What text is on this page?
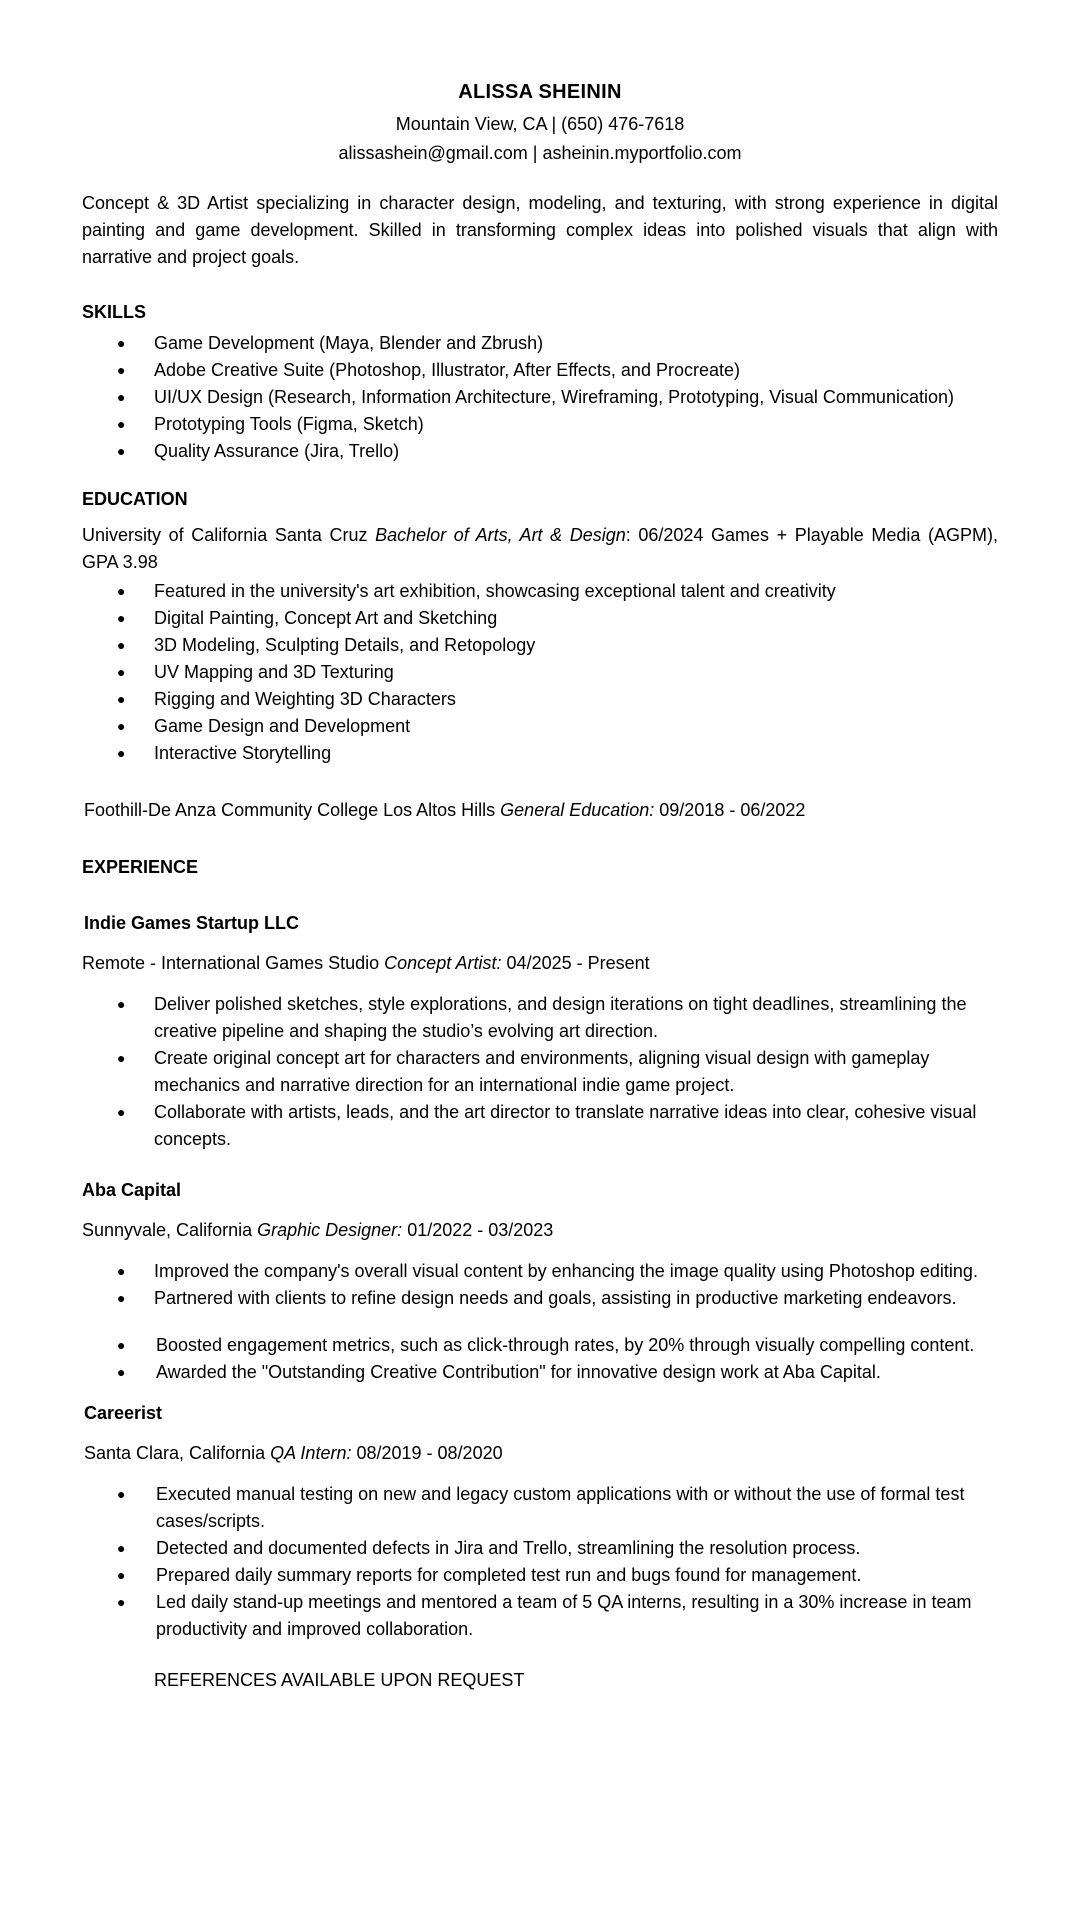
ALISSA SHEININ
Mountain View, CA | (650) 476-7618
alissashein@gmail.com | asheinin.myportfolio.com
Concept & 3D Artist specializing in character design, modeling, and texturing, with strong experience in digital painting and game development. Skilled in transforming complex ideas into polished visuals that align with narrative and project goals.
SKILLS
● Game Development (Maya, Blender and Zbrush)
● Adobe Creative Suite (Photoshop, Illustrator, After Effects, and Procreate)
● UI/UX Design (Research, Information Architecture, Wireframing, Prototyping, Visual Communication)
● Prototyping Tools (Figma, Sketch)
● Quality Assurance (Jira, Trello)
EDUCATION
University of California Santa Cruz Bachelor of Arts, Art & Design: 06/2024 Games + Playable Media (AGPM), GPA 3.98
● Featured in the university's art exhibition, showcasing exceptional talent and creativity
● Digital Painting, Concept Art and Sketching
● 3D Modeling, Sculpting Details, and Retopology
● UV Mapping and 3D Texturing
● Rigging and Weighting 3D Characters
● Game Design and Development
● Interactive Storytelling
Foothill-De Anza Community College Los Altos Hills General Education: 09/2018 - 06/2022
EXPERIENCE
Indie Games Startup LLC
Remote - International Games Studio Concept Artist: 04/2025 - Present
● Deliver polished sketches, style explorations, and design iterations on tight deadlines, streamlining the creative pipeline and shaping the studio’s evolving art direction.
● Create original concept art for characters and environments, aligning visual design with gameplay mechanics and narrative direction for an international indie game project.
● Collaborate with artists, leads, and the art director to translate narrative ideas into clear, cohesive visual concepts.
Aba Capital
Sunnyvale, California Graphic Designer: 01/2022 - 03/2023
● Improved the company's overall visual content by enhancing the image quality using Photoshop editing.
● Partnered with clients to refine design needs and goals, assisting in productive marketing endeavors.
● Boosted engagement metrics, such as click-through rates, by 20% through visually compelling content.
● Awarded the "Outstanding Creative Contribution" for innovative design work at Aba Capital.
Careerist
Santa Clara, California QA Intern: 08/2019 - 08/2020
● Executed manual testing on new and legacy custom applications with or without the use of formal test cases/scripts.
● Detected and documented defects in Jira and Trello, streamlining the resolution process.
● Prepared daily summary reports for completed test run and bugs found for management.
● Led daily stand-up meetings and mentored a team of 5 QA interns, resulting in a 30% increase in team productivity and improved collaboration.
REFERENCES AVAILABLE UPON REQUEST
